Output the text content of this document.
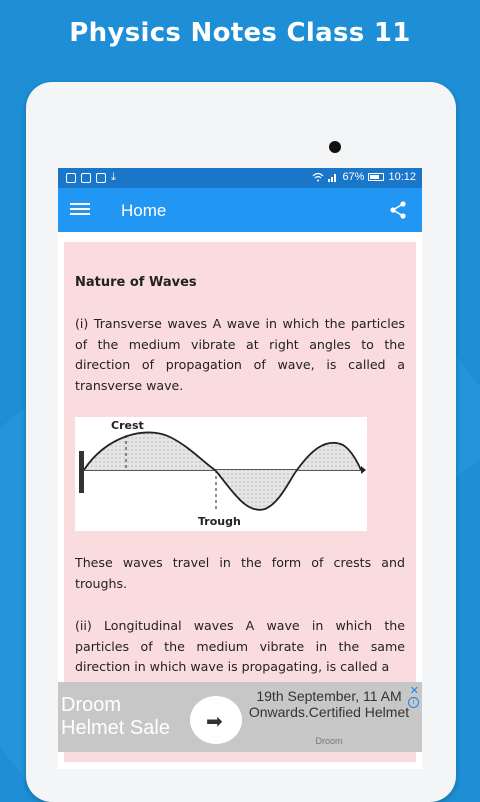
Physics Notes Class 11
⤓	67% 10:12
Home
Nature of Waves
(i) Transverse waves A wave in which the particles of the medium vibrate at right angles to the direction of propagation of wave, is called a transverse wave.
Crest
Trough
These waves travel in the form of crests and troughs.
(ii) Longitudinal waves A wave in which the particles of the medium vibrate in the same direction in which wave is propagating, is called a
Droom
Helmet Sale ➡
19th September, 11 AM Onwards.Certified Helmet
Droom
✕
i
